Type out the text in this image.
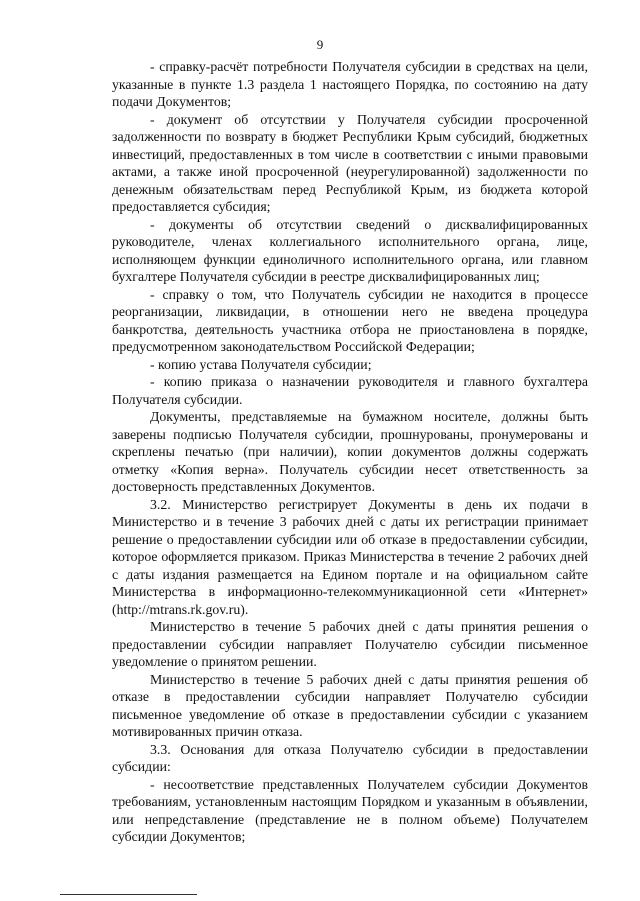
9

- справку-расчёт потребности Получателя субсидии в средствах на цели, указанные в пункте 1.3 раздела 1 настоящего Порядка, по состоянию на дату подачи Документов;

- документ об отсутствии у Получателя субсидии просроченной задолженности по возврату в бюджет Республики Крым субсидий, бюджетных инвестиций, предоставленных в том числе в соответствии с иными правовыми актами, а также иной просроченной (неурегулированной) задолженности по денежным обязательствам перед Республикой Крым, из бюджета которой предоставляется субсидия;

- документы об отсутствии сведений о дисквалифицированных руководителе, членах коллегиального исполнительного органа, лице, исполняющем функции единоличного исполнительного органа, или главном бухгалтере Получателя субсидии в реестре дисквалифицированных лиц;

- справку о том, что Получатель субсидии не находится в процессе реорганизации, ликвидации, в отношении него не введена процедура банкротства, деятельность участника отбора не приостановлена в порядке, предусмотренном законодательством Российской Федерации;

- копию устава Получателя субсидии;

- копию приказа о назначении руководителя и главного бухгалтера Получателя субсидии.

Документы, представляемые на бумажном носителе, должны быть заверены подписью Получателя субсидии, прошнурованы, пронумерованы и скреплены печатью (при наличии), копии документов должны содержать отметку «Копия верна». Получатель субсидии несет ответственность за достоверность представленных Документов.

3.2. Министерство регистрирует Документы в день их подачи в Министерство и в течение 3 рабочих дней с даты их регистрации принимает решение о предоставлении субсидии или об отказе в предоставлении субсидии, которое оформляется приказом. Приказ Министерства в течение 2 рабочих дней с даты издания размещается на Едином портале и на официальном сайте Министерства в информационно-телекоммуникационной сети «Интернет» (http://mtrans.rk.gov.ru).

Министерство в течение 5 рабочих дней с даты принятия решения о предоставлении субсидии направляет Получателю субсидии письменное уведомление о принятом решении.

Министерство в течение 5 рабочих дней с даты принятия решения об отказе в предоставлении субсидии направляет Получателю субсидии письменное уведомление об отказе в предоставлении субсидии с указанием мотивированных причин отказа.

3.3. Основания для отказа Получателю субсидии в предоставлении субсидии:

- несоответствие представленных Получателем субсидии Документов требованиям, установленным настоящим Порядком и указанным в объявлении, или непредставление (представление не в полном объеме) Получателем субсидии Документов;
